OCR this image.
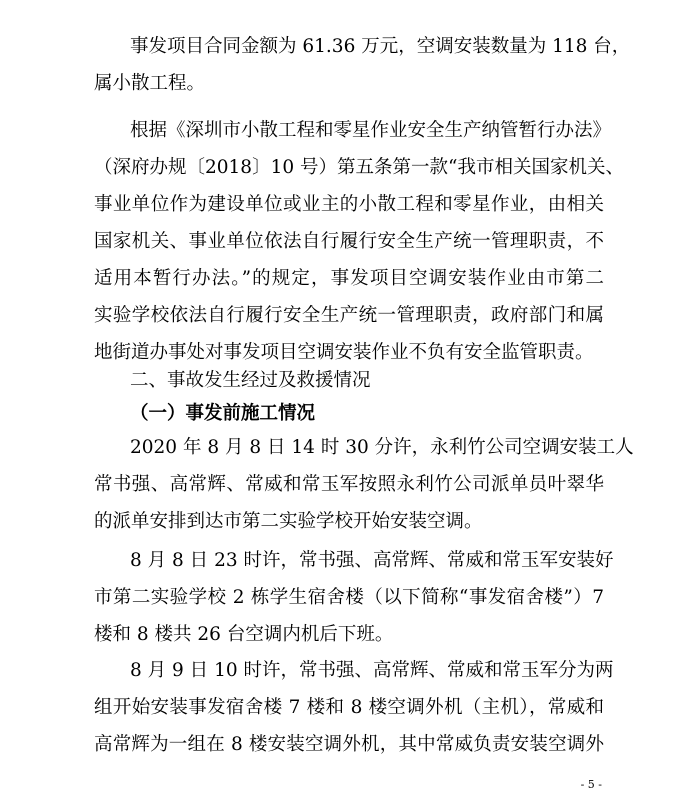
事发项目合同金额为 61.36 万元，空调安装数量为 118 台，
属小散工程。
根据《深圳市小散工程和零星作业安全生产纳管暂行办法》
（深府办规〔2018〕10 号）第五条第一款“我市相关国家机关、
事业单位作为建设单位或业主的小散工程和零星作业，由相关
国家机关、事业单位依法自行履行安全生产统一管理职责，不
适用本暂行办法。”的规定，事发项目空调安装作业由市第二
实验学校依法自行履行安全生产统一管理职责，政府部门和属
地街道办事处对事发项目空调安装作业不负有安全监管职责。
二、事故发生经过及救援情况
（一）事发前施工情况
2020 年 8 月 8 日 14 时 30 分许，永利竹公司空调安装工人
常书强、高常辉、常威和常玉军按照永利竹公司派单员叶翠华
的派单安排到达市第二实验学校开始安装空调。
8 月 8 日 23 时许，常书强、高常辉、常威和常玉军安装好
市第二实验学校 2 栋学生宿舍楼（以下简称“事发宿舍楼”）7
楼和 8 楼共 26 台空调内机后下班。
8 月 9 日 10 时许，常书强、高常辉、常威和常玉军分为两
组开始安装事发宿舍楼 7 楼和 8 楼空调外机（主机），常威和
高常辉为一组在 8 楼安装空调外机，其中常威负责安装空调外
- 5 -
